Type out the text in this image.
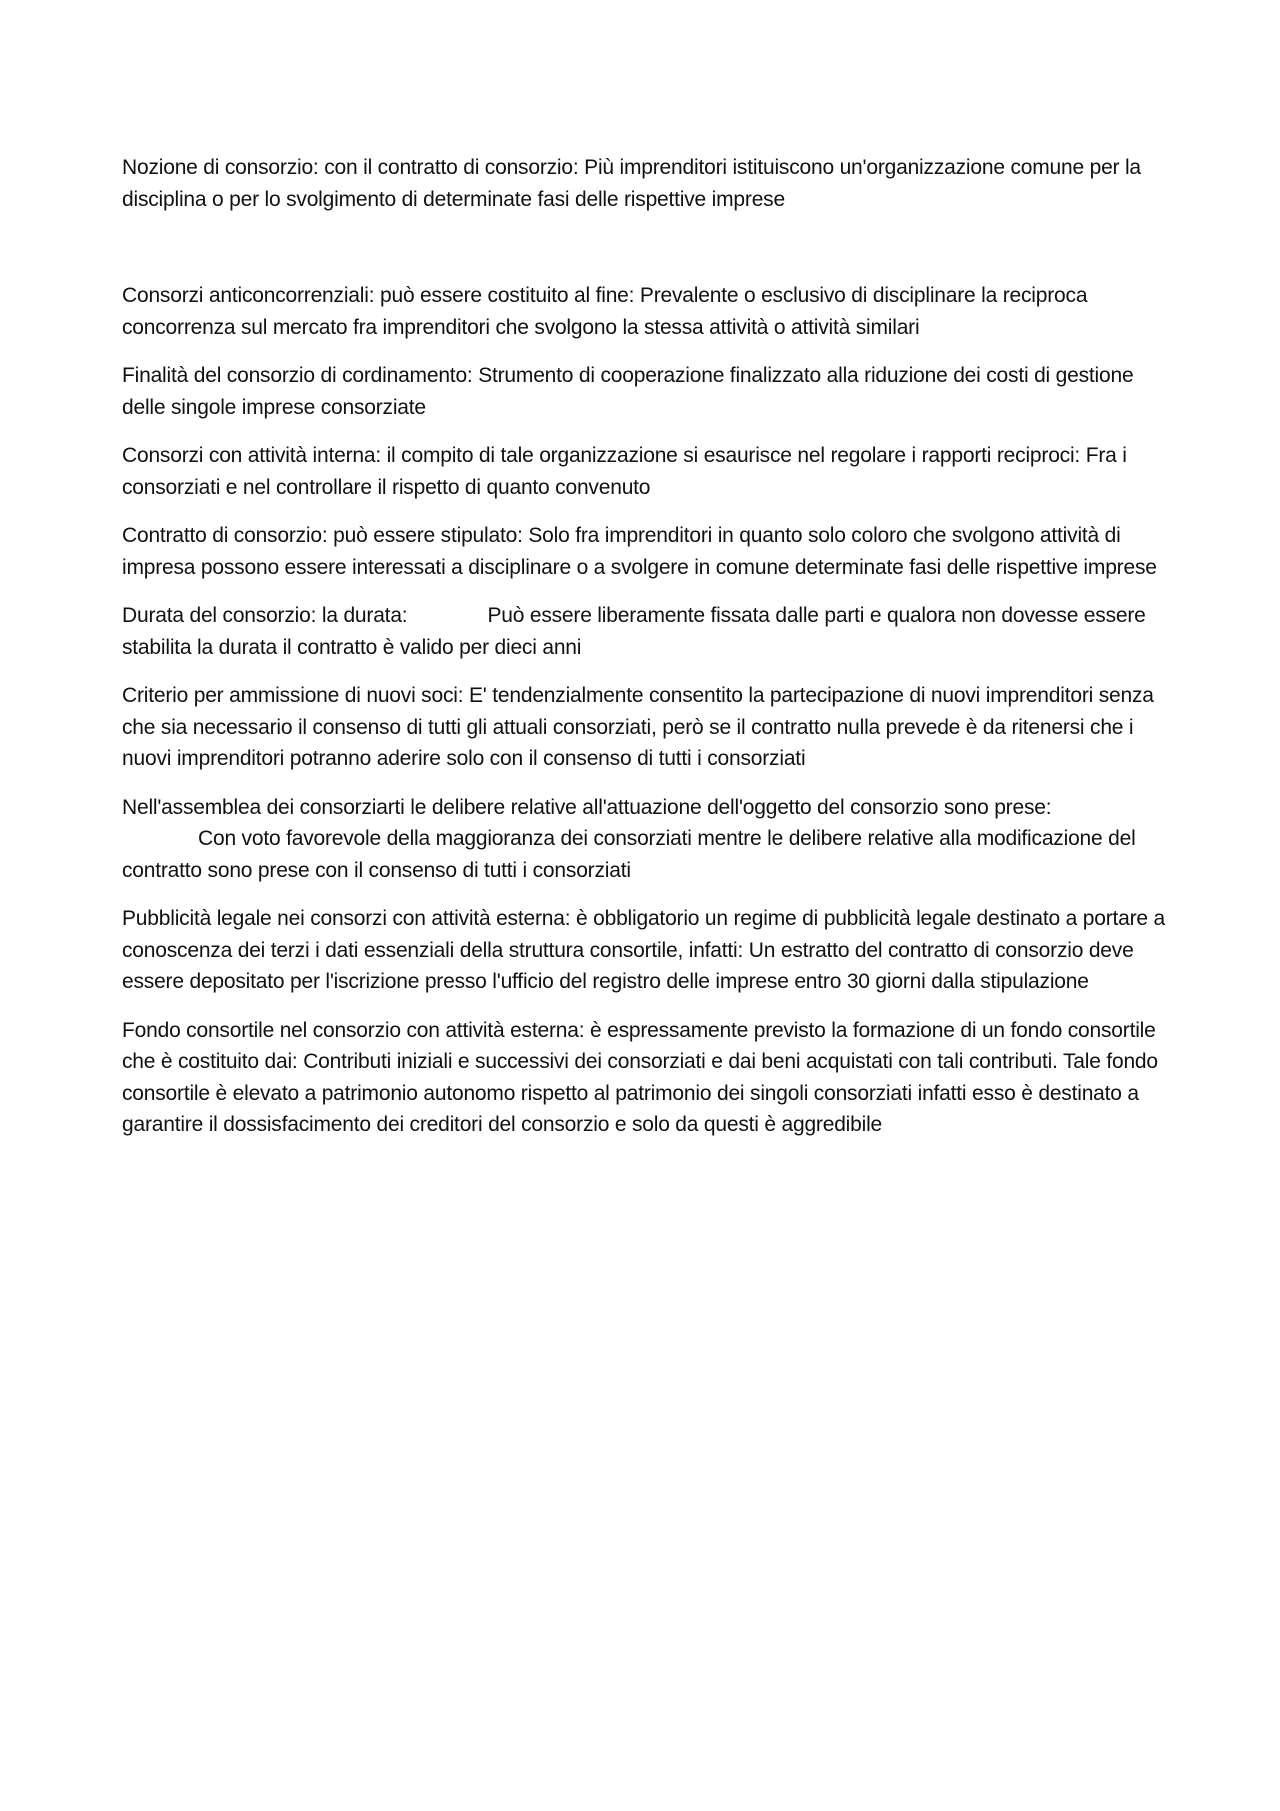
Nozione di consorzio: con il contratto di consorzio: Più imprenditori istituiscono un'organizzazione comune per la disciplina o per lo svolgimento di determinate fasi delle rispettive imprese

Consorzi anticoncorrenziali: può essere costituito al fine: Prevalente o esclusivo di disciplinare la reciproca concorrenza sul mercato fra imprenditori che svolgono la stessa attività o attività similari

Finalità del consorzio di cordinamento: Strumento di cooperazione finalizzato alla riduzione dei costi di gestione delle singole imprese consorziate

Consorzi con attività interna: il compito di tale organizzazione si esaurisce nel regolare i rapporti reciproci: Fra i consorziati e nel controllare il rispetto di quanto convenuto

Contratto di consorzio: può essere stipulato: Solo fra imprenditori in quanto solo coloro che svolgono attività di impresa possono essere interessati a disciplinare o a svolgere in comune determinate fasi delle rispettive imprese

Durata del consorzio: la durata:	Può essere liberamente fissata dalle parti e qualora non dovesse essere stabilita la durata il contratto è valido per dieci anni

Criterio per ammissione di nuovi soci: E' tendenzialmente consentito la partecipazione di nuovi imprenditori senza che sia necessario il consenso di tutti gli attuali consorziati, però se il contratto nulla prevede è da ritenersi che i nuovi imprenditori potranno aderire solo con il consenso di tutti i consorziati

Nell'assemblea dei consorziarti le delibere relative all'attuazione dell'oggetto del consorzio sono prese:
Con voto favorevole della maggioranza dei consorziati mentre le delibere relative alla modificazione del contratto sono prese con il consenso di tutti i consorziati

Pubblicità legale nei consorzi con attività esterna: è obbligatorio un regime di pubblicità legale destinato a portare a conoscenza dei terzi i dati essenziali della struttura consortile, infatti: Un estratto del contratto di consorzio deve essere depositato per l'iscrizione presso l'ufficio del registro delle imprese entro 30 giorni dalla stipulazione

Fondo consortile nel consorzio con attività esterna: è espressamente previsto la formazione di un fondo consortile che è costituito dai: Contributi iniziali e successivi dei consorziati e dai beni acquistati con tali contributi. Tale fondo consortile è elevato a patrimonio autonomo rispetto al patrimonio dei singoli consorziati infatti esso è destinato a garantire il dossisfacimento dei creditori del consorzio e solo da questi è aggredibile
